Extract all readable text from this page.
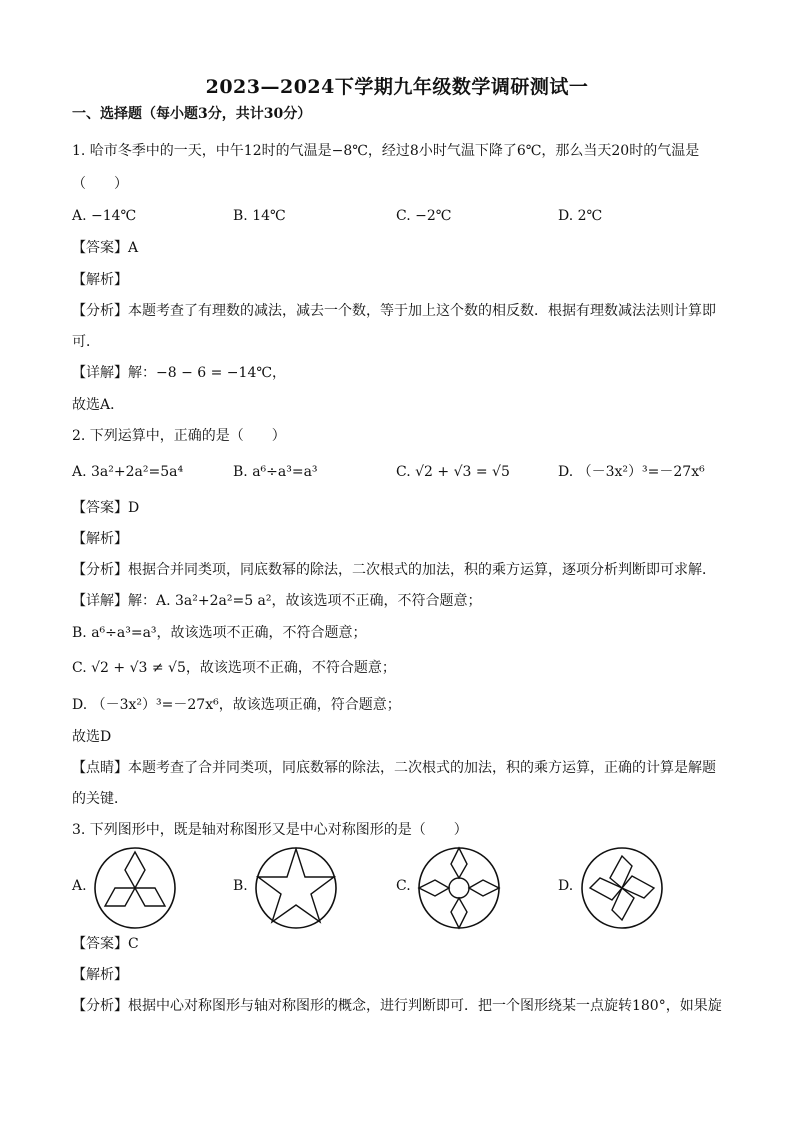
2023—2024下学期九年级数学调研测试一
一、选择题（每小题3分，共计30分）
1. 哈市冬季中的一天，中午12时的气温是−8℃，经过8小时气温下降了6℃，那么当天20时的气温是
（　　）
A. −14℃	B. 14℃	C. −2℃	D. 2℃
【答案】A
【解析】
【分析】本题考查了有理数的减法，减去一个数，等于加上这个数的相反数．根据有理数减法法则计算即
可．
【详解】解：−8 − 6 = −14℃，
故选A．
2. 下列运算中，正确的是（　　）
A. 3a²+2a²=5a⁴	B. a⁶÷a³=a³	C. √2 + √3 = √5	D. （－3x²）³=－27x⁶
【答案】D
【解析】
【分析】根据合并同类项，同底数幂的除法，二次根式的加法，积的乘方运算，逐项分析判断即可求解．
【详解】解：A. 3a²+2a²=5 a²，故该选项不正确，不符合题意；
B. a⁶÷a³=a³，故该选项不正确，不符合题意；
C. √2 + √3 ≠ √5，故该选项不正确，不符合题意；
D. （－3x²）³=－27x⁶，故该选项正确，符合题意；
故选D
【点睛】本题考查了合并同类项，同底数幂的除法，二次根式的加法，积的乘方运算，正确的计算是解题
的关键．
3. 下列图形中，既是轴对称图形又是中心对称图形的是（　　）
A.	B.	C.	D.
【答案】C
【解析】
【分析】根据中心对称图形与轴对称图形的概念，进行判断即可．把一个图形绕某一点旋转180°，如果旋
